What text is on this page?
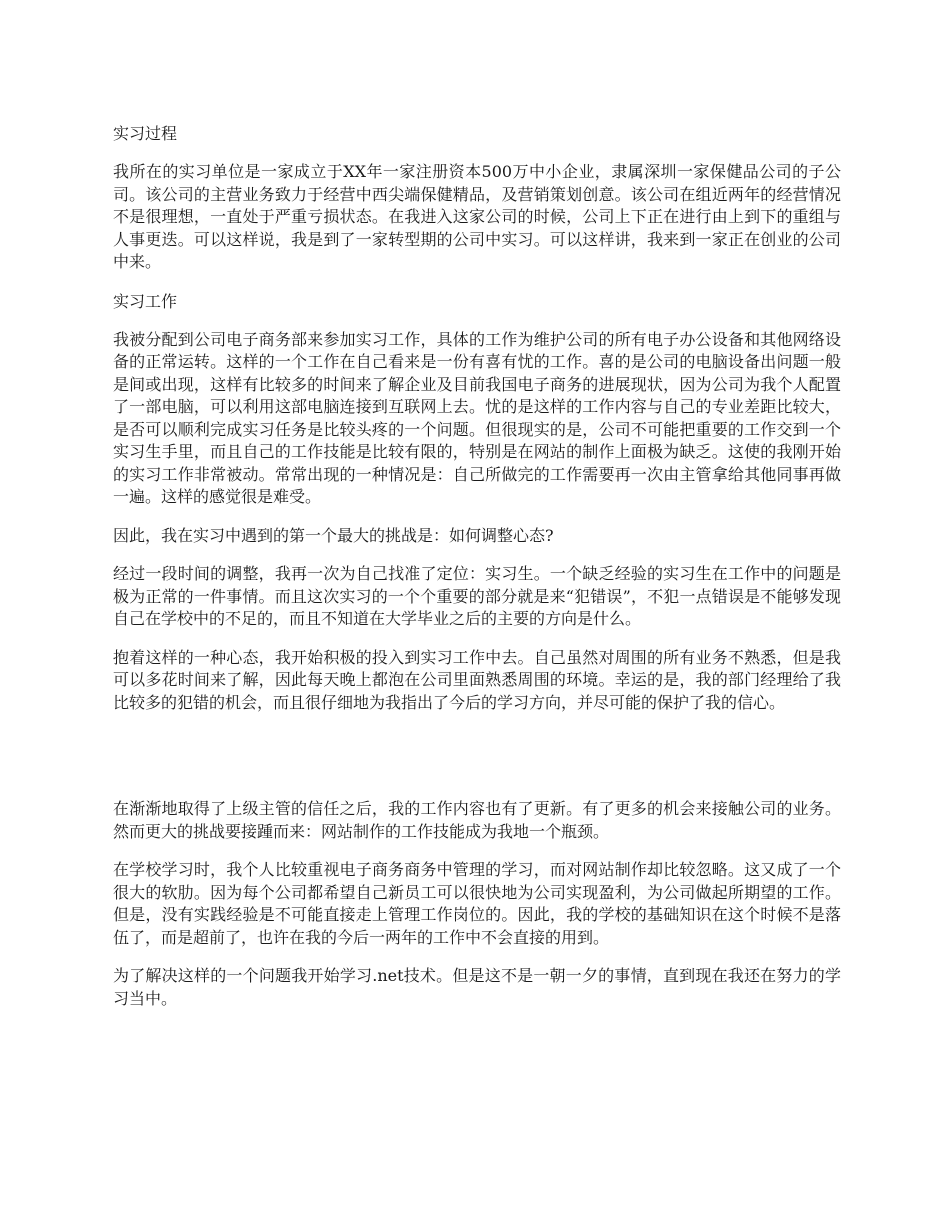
实习过程
我所在的实习单位是一家成立于XX年一家注册资本500万中小企业，隶属深圳一家保健品公司的子公司。该公司的主营业务致力于经营中西尖端保健精品，及营销策划创意。该公司在组近两年的经营情况不是很理想，一直处于严重亏损状态。在我进入这家公司的时候，公司上下正在进行由上到下的重组与人事更迭。可以这样说，我是到了一家转型期的公司中实习。可以这样讲，我来到一家正在创业的公司中来。
实习工作
我被分配到公司电子商务部来参加实习工作，具体的工作为维护公司的所有电子办公设备和其他网络设备的正常运转。这样的一个工作在自己看来是一份有喜有忧的工作。喜的是公司的电脑设备出问题一般是间或出现，这样有比较多的时间来了解企业及目前我国电子商务的进展现状，因为公司为我个人配置了一部电脑，可以利用这部电脑连接到互联网上去。忧的是这样的工作内容与自己的专业差距比较大，是否可以顺利完成实习任务是比较头疼的一个问题。但很现实的是，公司不可能把重要的工作交到一个实习生手里，而且自己的工作技能是比较有限的，特别是在网站的制作上面极为缺乏。这使的我刚开始的实习工作非常被动。常常出现的一种情况是：自己所做完的工作需要再一次由主管拿给其他同事再做一遍。这样的感觉很是难受。
因此，我在实习中遇到的第一个最大的挑战是：如何调整心态?
经过一段时间的调整，我再一次为自己找准了定位：实习生。一个缺乏经验的实习生在工作中的问题是极为正常的一件事情。而且这次实习的一个个重要的部分就是来“犯错误”，不犯一点错误是不能够发现自己在学校中的不足的，而且不知道在大学毕业之后的主要的方向是什么。
抱着这样的一种心态，我开始积极的投入到实习工作中去。自己虽然对周围的所有业务不熟悉，但是我可以多花时间来了解，因此每天晚上都泡在公司里面熟悉周围的环境。幸运的是，我的部门经理给了我比较多的犯错的机会，而且很仔细地为我指出了今后的学习方向，并尽可能的保护了我的信心。
在渐渐地取得了上级主管的信任之后，我的工作内容也有了更新。有了更多的机会来接触公司的业务。然而更大的挑战要接踵而来：网站制作的工作技能成为我地一个瓶颈。
在学校学习时，我个人比较重视电子商务商务中管理的学习，而对网站制作却比较忽略。这又成了一个很大的软肋。因为每个公司都希望自己新员工可以很快地为公司实现盈利，为公司做起所期望的工作。但是，没有实践经验是不可能直接走上管理工作岗位的。因此，我的学校的基础知识在这个时候不是落伍了，而是超前了，也许在我的今后一两年的工作中不会直接的用到。
为了解决这样的一个问题我开始学习.net技术。但是这不是一朝一夕的事情，直到现在我还在努力的学习当中。
